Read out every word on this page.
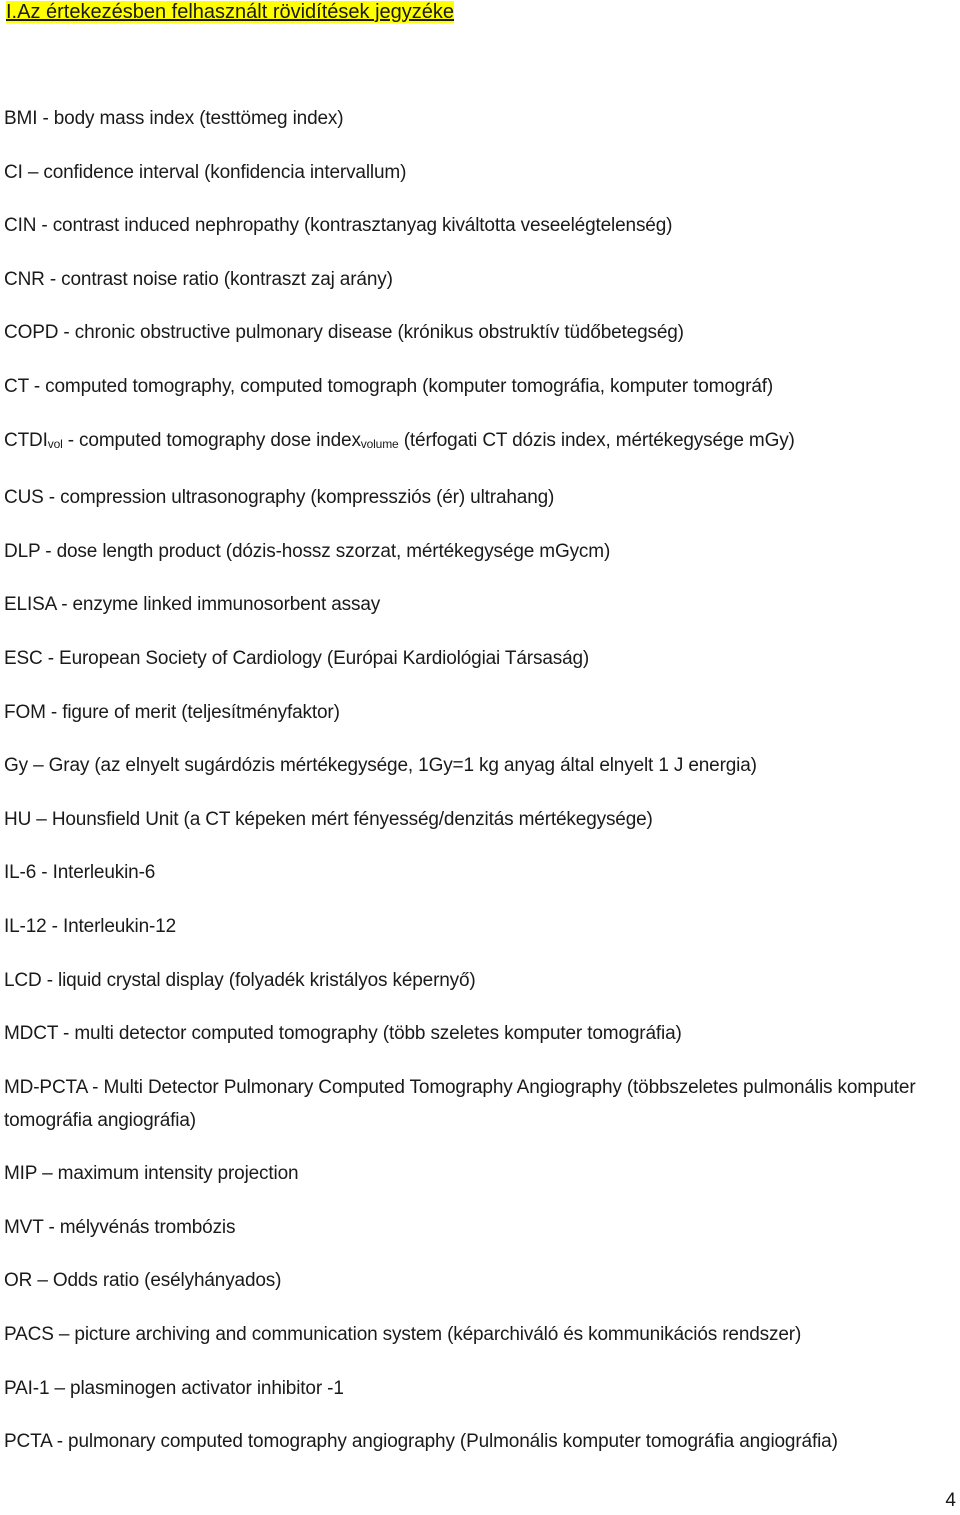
I.Az értekezésben felhasznált rövidítések jegyzéke
BMI - body mass index (testtömeg index)
CI – confidence interval (konfidencia intervallum)
CIN - contrast induced nephropathy (kontrasztanyag kiváltotta veseelégtelenség)
CNR - contrast noise ratio (kontraszt zaj arány)
COPD - chronic obstructive pulmonary disease (krónikus obstruktív tüdőbetegség)
CT - computed tomography, computed tomograph (komputer tomográfia, komputer tomográf)
CTDIvol - computed tomography dose indexvolume (térfogati CT dózis index, mértékegysége mGy)
CUS - compression ultrasonography (kompressziós (ér) ultrahang)
DLP - dose length product (dózis-hossz szorzat, mértékegysége mGycm)
ELISA - enzyme linked immunosorbent assay
ESC - European Society of Cardiology (Európai Kardiológiai Társaság)
FOM - figure of merit (teljesítményfaktor)
Gy – Gray (az elnyelt sugárdózis mértékegysége, 1Gy=1 kg anyag által elnyelt 1 J energia)
HU – Hounsfield Unit (a CT képeken mért fényesség/denzitás mértékegysége)
IL-6 - Interleukin-6
IL-12 - Interleukin-12
LCD - liquid crystal display (folyadék kristályos képernyő)
MDCT - multi detector computed tomography (több szeletes komputer tomográfia)
MD-PCTA - Multi Detector Pulmonary Computed Tomography Angiography (többszeletes pulmonális komputer tomográfia angiográfia)
MIP – maximum intensity projection
MVT - mélyvénás trombózis
OR – Odds ratio (esélyhányados)
PACS – picture archiving and communication system (képarchiváló és kommunikációs rendszer)
PAI-1 – plasminogen activator inhibitor -1
PCTA - pulmonary computed tomography angiography (Pulmonális komputer tomográfia angiográfia)
4
